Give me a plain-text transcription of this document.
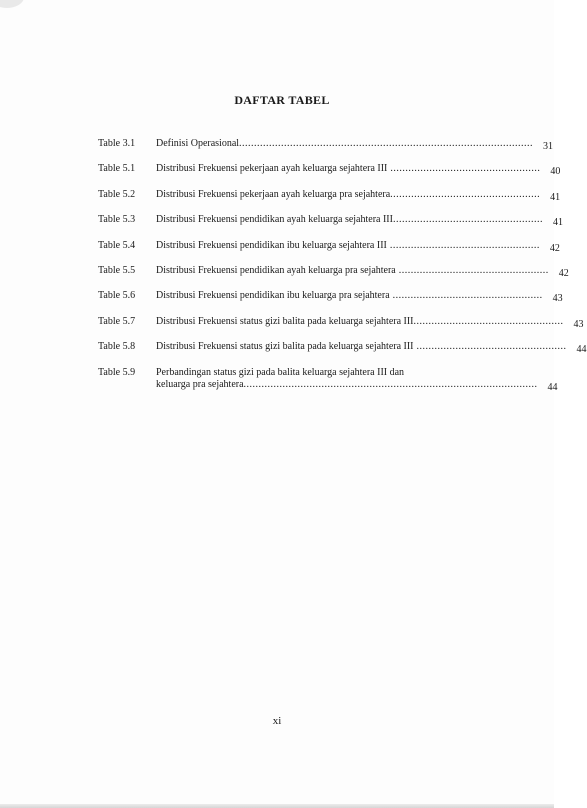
DAFTAR TABEL
Table 3.1	Definisi Operasional..................................................................................................	31
Table 5.1	Distribusi Frekuensi pekerjaan ayah keluarga sejahtera III ..................................................	40
Table 5.2	Distribusi Frekuensi pekerjaan ayah keluarga pra sejahtera..................................................	41
Table 5.3	Distribusi Frekuensi pendidikan ayah keluarga sejahtera III..................................................	41
Table 5.4	Distribusi Frekuensi pendidikan ibu keluarga sejahtera III ..................................................	42
Table 5.5	Distribusi Frekuensi pendidikan ayah keluarga pra sejahtera ..................................................	42
Table 5.6	Distribusi Frekuensi pendidikan ibu keluarga pra sejahtera ..................................................	43
Table 5.7	Distribusi Frekuensi status gizi balita pada keluarga sejahtera III..................................................	43
Table 5.8	Distribusi Frekuensi status gizi balita pada keluarga sejahtera III ..................................................	44
Table 5.9	Perbandingan status gizi pada balita keluarga sejahtera III dan
keluarga pra sejahtera..................................................................................................	44
xi
